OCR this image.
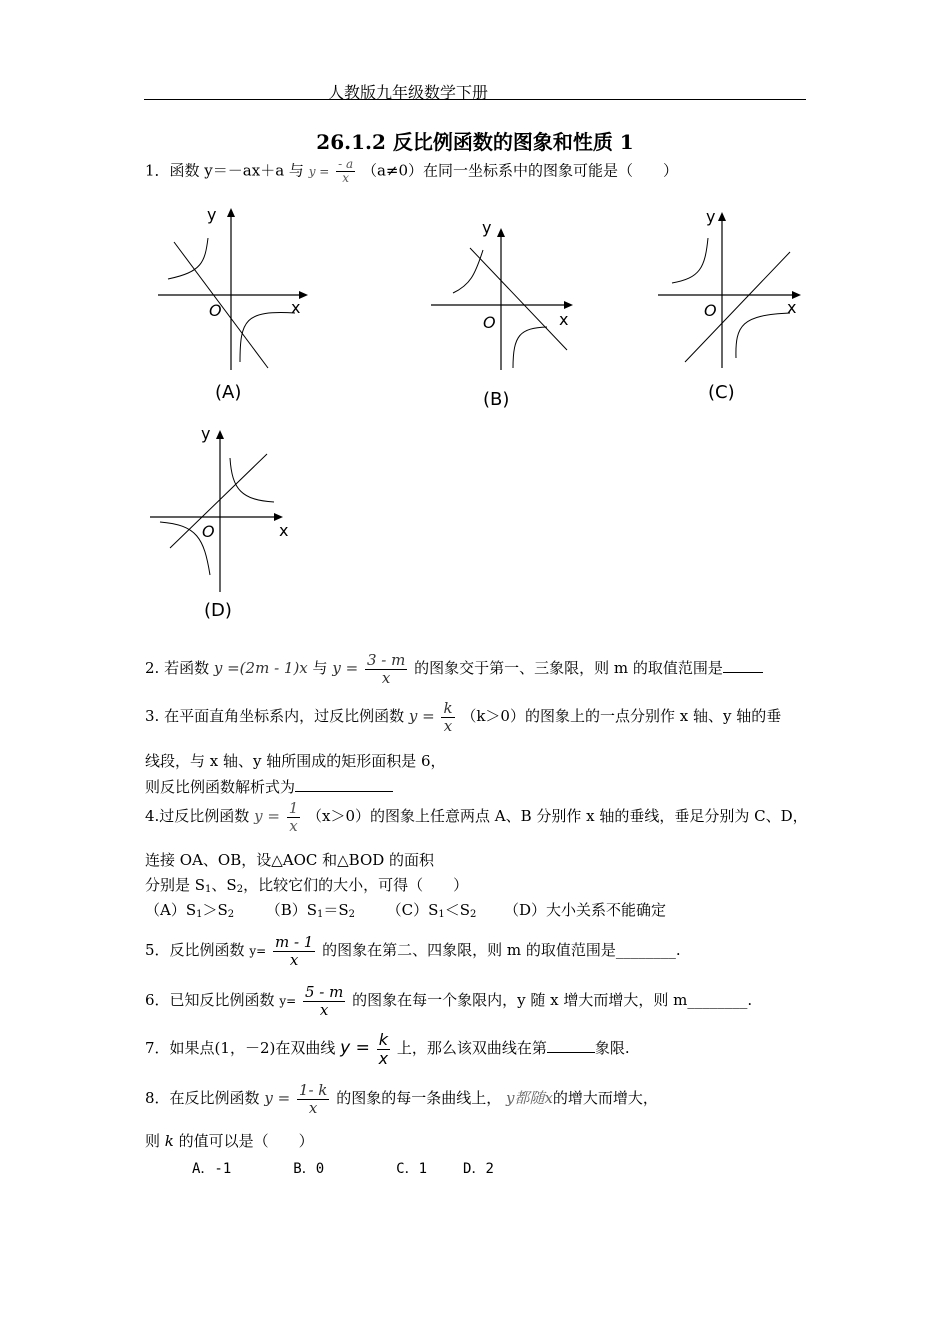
人教版九年级数学下册
26.1.2 反比例函数的图象和性质 1
1．函数 y＝－ax＋a 与 $y = \frac{- a}{x} (a\ne 0)$在同一坐标系中的图象可能是（　　）
y
x
O
(A)
y
x
O
(B)
y
x
O
(C)
y
x
O
(D)
2. 若函数 y =(2m - 1)x 与 $y = \frac{3 - m}{x}$ 的图象交于第一、三象限，则 m 的取值范围是
3. 在平面直角坐标系内，过反比例函数 $y = \frac{k}{x} (k>0)$的图象上的一点分别作 x 轴、y 轴的垂
线段，与 x 轴、y 轴所围成的矩形面积是 6，
则反比例函数解析式为
4.过反比例函数 $y = \frac{1}{x} (x>0)$的图象上任意两点 A、B 分别作 x 轴的垂线，垂足分别为 C、D，
连接 OA、OB，设△AOC 和△BOD 的面积
分别是 $S_1$、$S_2$，比较它们的大小，可得（　　）
$(A)S_1>S_2$ $(B)S_1=S_2$ $(C)S_1<S_2$ （D）大小关系不能确定
5．反比例函数 $y= \frac{m - 1}{x}$ 的图象在第二、四象限，则 m 的取值范围是________.
6．已知反比例函数 $y= \frac{5 - m}{x}$ 的图象在每一个象限内，y 随 x 增大而增大，则 m________.
7．如果点(1，－2)在双曲线 $y = \frac{k}{x}$ 上，那么该双曲线在第	象限.
8．在反比例函数 $y = \frac{1- k}{x}$ 的图象的每一条曲线上， y都随x的增大而增大，
则 k 的值可以是（　　）
A．-1	B．0	C．1	D．2
